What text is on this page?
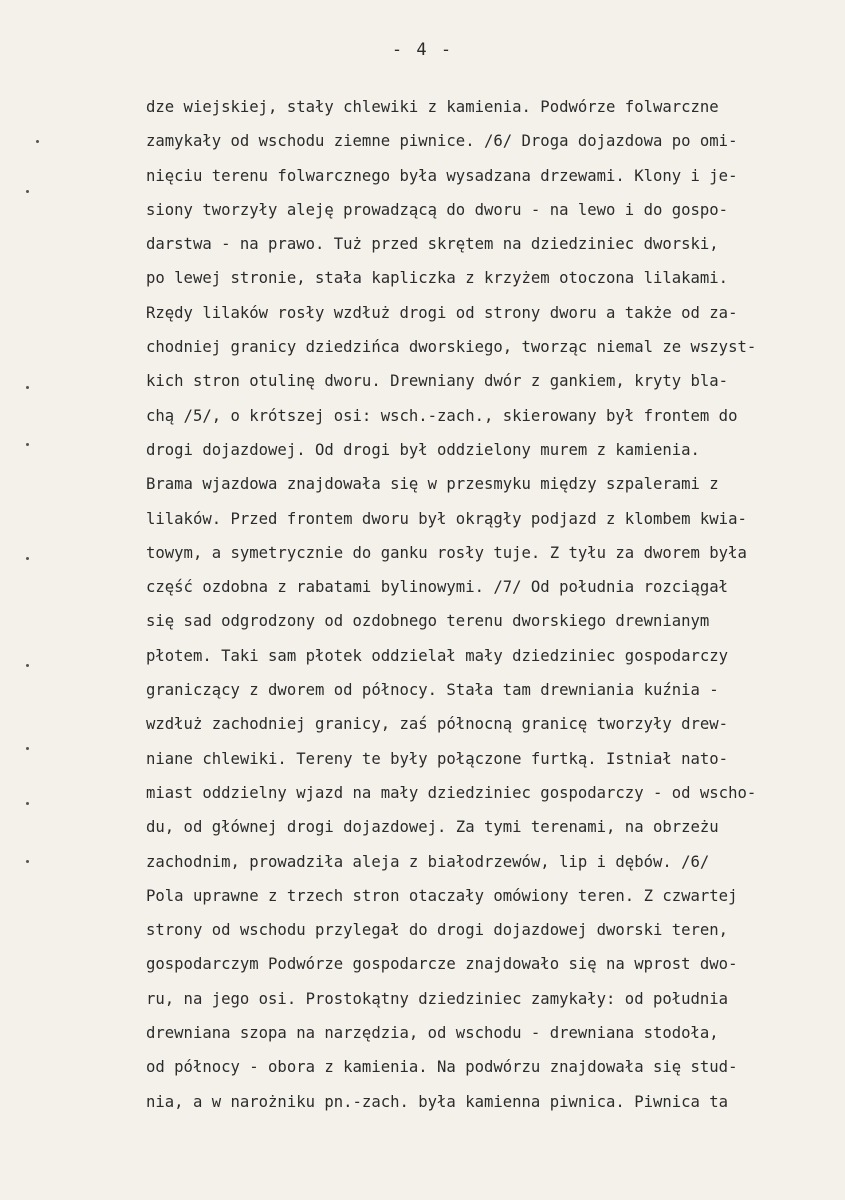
- 4 -
dze wiejskiej, stały chlewiki z kamienia. Podwórze folwarczne
zamykały od wschodu ziemne piwnice. /6/ Droga dojazdowa po omi-
nięciu terenu folwarcznego była wysadzana drzewami. Klony i je-
siony tworzyły aleję prowadzącą do dworu - na lewo i do gospo-
darstwa - na prawo. Tuż przed skrętem na dziedziniec dworski,
po lewej stronie, stała kapliczka z krzyżem otoczona lilakami.
Rzędy lilaków rosły wzdłuż drogi od strony dworu a także od za-
chodniej granicy dziedzińca dworskiego, tworząc niemal ze wszyst-
kich stron otulinę dworu. Drewniany dwór z gankiem, kryty bla-
chą /5/, o krótszej osi: wsch.-zach., skierowany był frontem do
drogi dojazdowej. Od drogi był oddzielony murem z kamienia.
Brama wjazdowa znajdowała się w przesmyku między szpalerami z
lilaków. Przed frontem dworu był okrągły podjazd z klombem kwia-
towym, a symetrycznie do ganku rosły tuje. Z tyłu za dworem była
część ozdobna z rabatami bylinowymi. /7/ Od południa rozciągał
się sad odgrodzony od ozdobnego terenu dworskiego drewnianym
płotem. Taki sam płotek oddzielał mały dziedziniec gospodarczy
graniczący z dworem od północy. Stała tam drewniania kuźnia -
wzdłuż zachodniej granicy, zaś północną granicę tworzyły drew-
niane chlewiki. Tereny te były połączone furtką. Istniał nato-
miast oddzielny wjazd na mały dziedziniec gospodarczy - od wscho-
du, od głównej drogi dojazdowej. Za tymi terenami, na obrzeżu
zachodnim, prowadziła aleja z białodrzewów, lip i dębów. /6/
Pola uprawne z trzech stron otaczały omówiony teren. Z czwartej
strony od wschodu przylegał do drogi dojazdowej dworski teren,
gospodarczym Podwórze gospodarcze znajdowało się na wprost dwo-
ru, na jego osi. Prostokątny dziedziniec zamykały: od południa
drewniana szopa na narzędzia, od wschodu - drewniana stodoła,
od północy - obora z kamienia. Na podwórzu znajdowała się stud-
nia, a w narożniku pn.-zach. była kamienna piwnica. Piwnica ta
